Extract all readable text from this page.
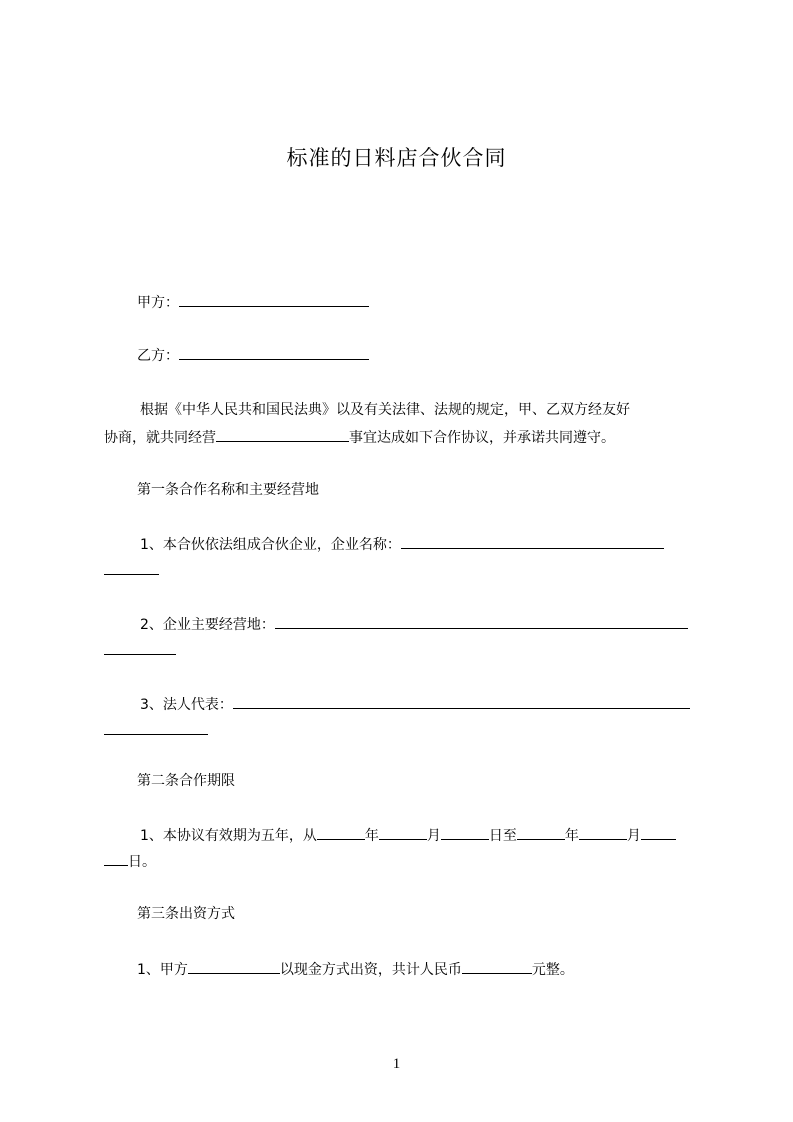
标准的日料店合伙合同
甲方：
乙方：
根据《中华人民共和国民法典》以及有关法律、法规的规定，甲、乙双方经友好
协商，就共同经营	事宜达成如下合作协议，并承诺共同遵守。
第一条合作名称和主要经营地
1、本合伙依法组成合伙企业，企业名称：
2、企业主要经营地：
3、法人代表：
第二条合作期限
1、本协议有效期为五年，从	年	月	日至	年	月
日。
第三条出资方式
1、甲方	以现金方式出资，共计人民币	元整。
1
